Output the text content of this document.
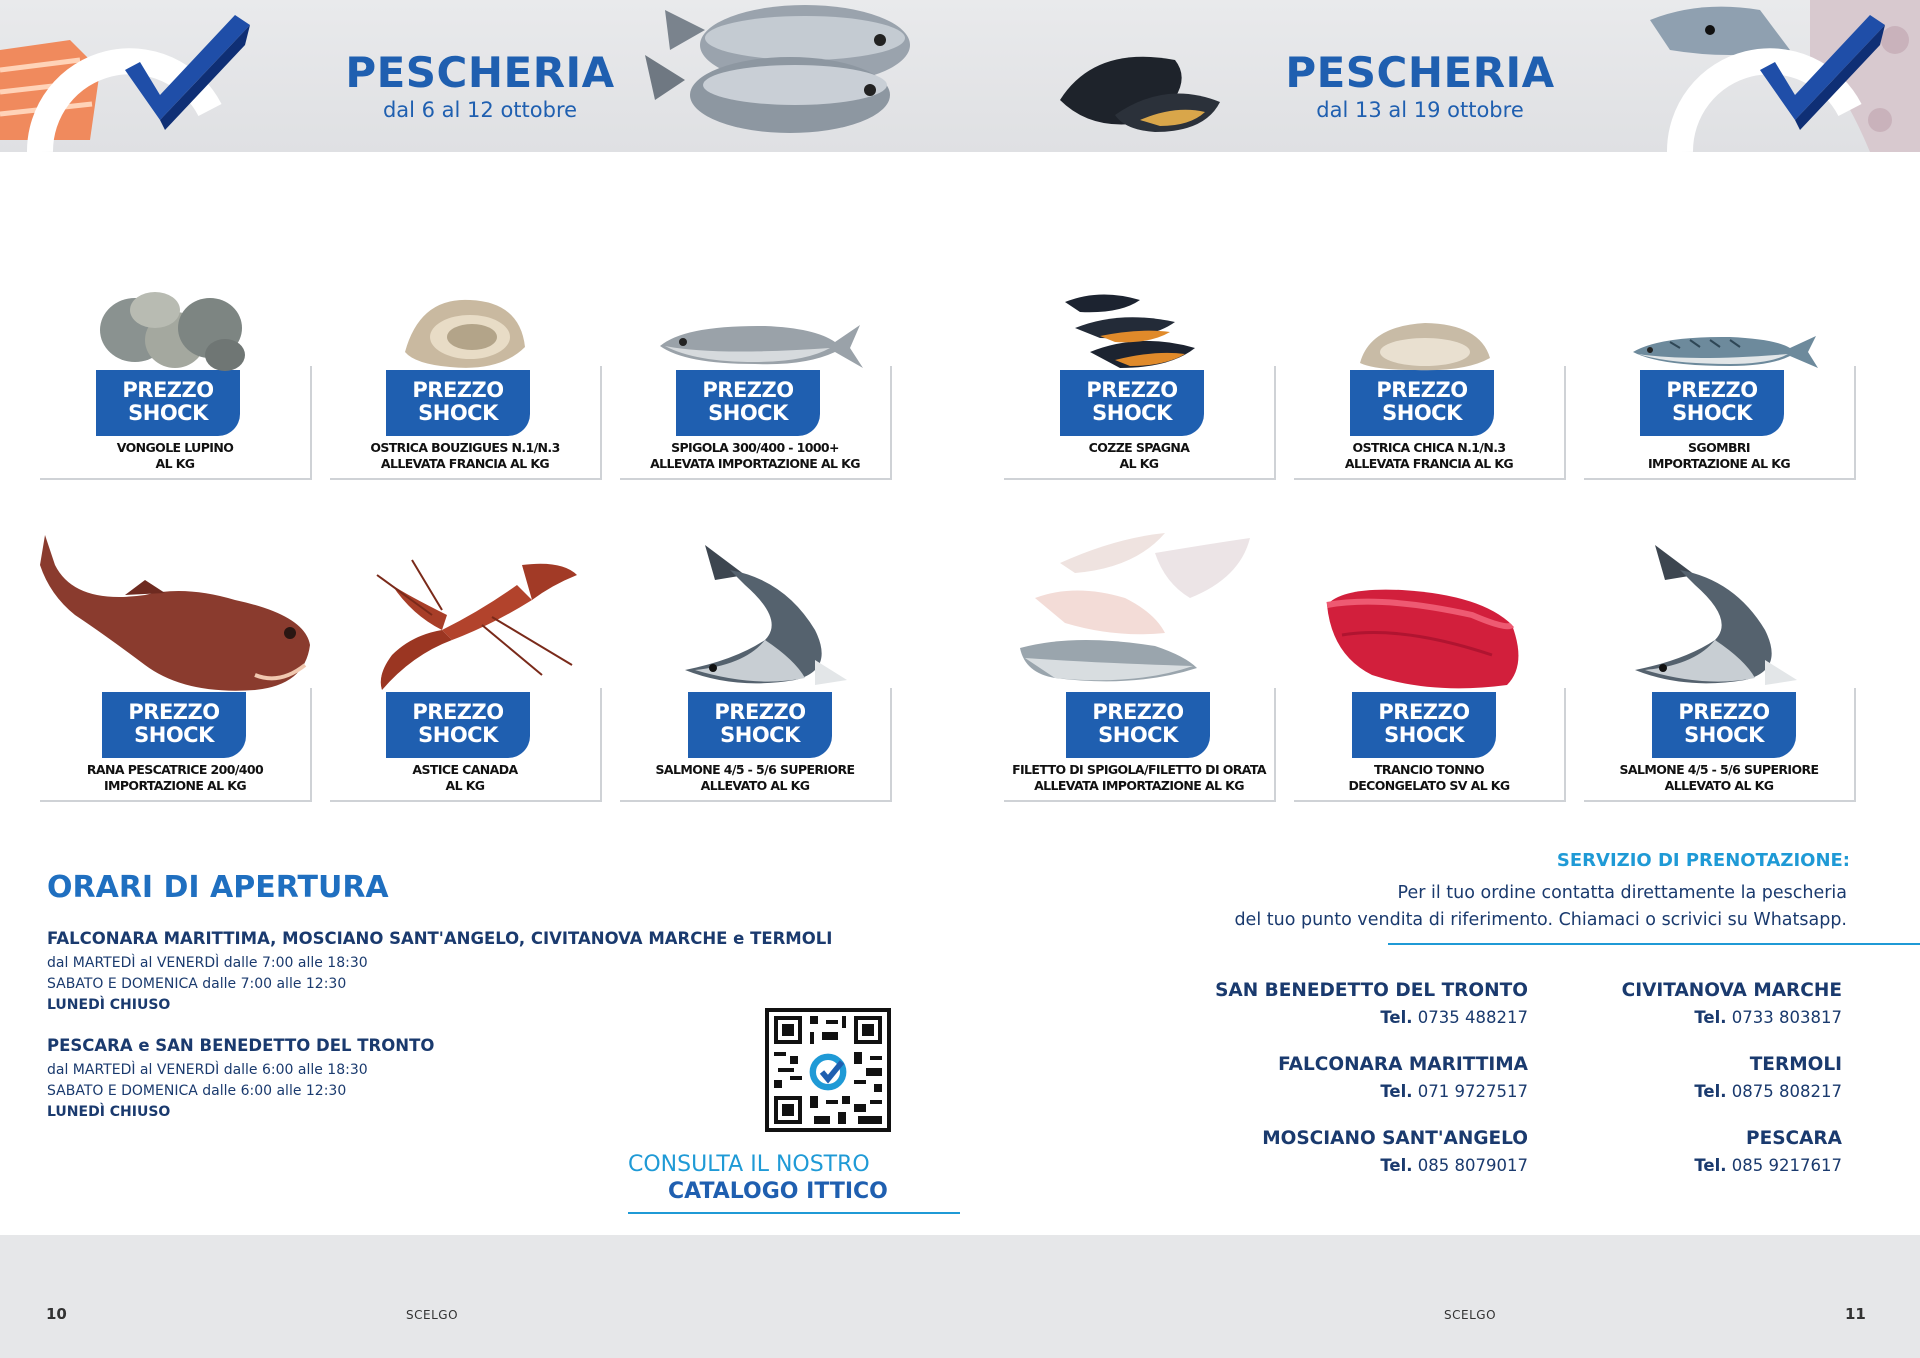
PESCHERIA
dal 6 al 12 ottobre
PESCHERIA
dal 13 al 19 ottobre
PREZZO
SHOCK
VONGOLE LUPINO
AL KG
PREZZO
SHOCK
OSTRICA BOUZIGUES N.1/N.3
ALLEVATA FRANCIA AL KG
PREZZO
SHOCK
SPIGOLA 300/400 - 1000+
ALLEVATA IMPORTAZIONE AL KG
PREZZO
SHOCK
COZZE SPAGNA
AL KG
PREZZO
SHOCK
OSTRICA CHICA N.1/N.3
ALLEVATA FRANCIA AL KG
PREZZO
SHOCK
SGOMBRI
IMPORTAZIONE AL KG
PREZZO
SHOCK
RANA PESCATRICE 200/400
IMPORTAZIONE AL KG
PREZZO
SHOCK
ASTICE CANADA
AL KG
PREZZO
SHOCK
SALMONE 4/5 - 5/6 SUPERIORE
ALLEVATO AL KG
PREZZO
SHOCK
FILETTO DI SPIGOLA/FILETTO DI ORATA
ALLEVATA IMPORTAZIONE AL KG
PREZZO
SHOCK
TRANCIO TONNO
DECONGELATO SV AL KG
PREZZO
SHOCK
SALMONE 4/5 - 5/6 SUPERIORE
ALLEVATO AL KG
ORARI DI APERTURA
FALCONARA MARITTIMA, MOSCIANO SANT'ANGELO, CIVITANOVA MARCHE e TERMOLI
dal MARTEDÌ al VENERDÌ dalle 7:00 alle 18:30
SABATO E DOMENICA dalle 7:00 alle 12:30
LUNEDÌ CHIUSO
PESCARA e SAN BENEDETTO DEL TRONTO
dal MARTEDÌ al VENERDÌ dalle 6:00 alle 18:30
SABATO E DOMENICA dalle 6:00 alle 12:30
LUNEDÌ CHIUSO
CONSULTA IL NOSTRO
CATALOGO ITTICO
SERVIZIO DI PRENOTAZIONE:
Per il tuo ordine contatta direttamente la pescheria
del tuo punto vendita di riferimento. Chiamaci o scrivici su Whatsapp.
SAN BENEDETTO DEL TRONTO
Tel. 0735 488217
CIVITANOVA MARCHE
Tel. 0733 803817
FALCONARA MARITTIMA
Tel. 071 9727517
TERMOLI
Tel. 0875 808217
MOSCIANO SANT'ANGELO
Tel. 085 8079017
PESCARA
Tel. 085 9217617
10	SCELGO	SCELGO	11
